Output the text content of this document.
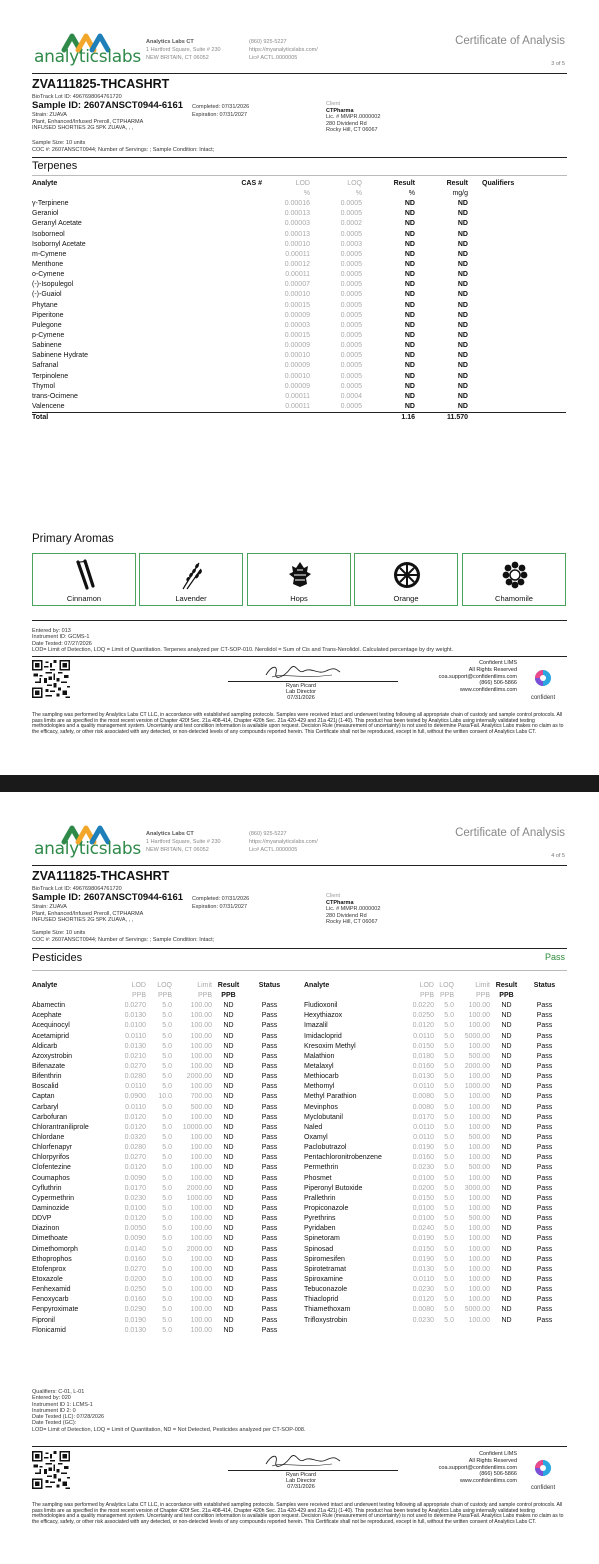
analyticslabs
Analytics Labs CT
1 Hartford Square, Suite # 230
NEW BRITAIN, CT 06052
(860) 925-5227
https://myanalyticslabs.com/
Lic# ACTL.0000005
Certificate of Analysis
3 of 5
ZVA111825-THCASHRT
BioTrack Lot ID: 4967698064761720
Sample ID: 2607ANSCT0944-6161
Strain: ZUAVA
Plant, Enhanced/Infused Preroll, CTPHARMA
INFUSED SHORTIES 2G 5PK ZUAVA, , ,
Completed: 07/31/2026
Expiration: 07/31/2027
Client
CTPharma
Lic. # MMPR.0000002
280 Dividend Rd
Rocky Hill, CT 06067
Sample Size: 10 units
COC #: 2607ANSCT0944; Number of Servings: ; Sample Condition: Intact;
Terpenes
Analyte	CAS #	LOD	LOQ	Result	Result	Qualifiers
		%	%	%	mg/g	
γ-Terpinene		0.00016	0.0005	ND	ND	
Geraniol		0.00013	0.0005	ND	ND	
Geranyl Acetate		0.00003	0.0002	ND	ND	
Isoborneol		0.00013	0.0005	ND	ND	
Isobornyl Acetate		0.00010	0.0003	ND	ND	
m-Cymene		0.00011	0.0005	ND	ND	
Menthone		0.00012	0.0005	ND	ND	
o-Cymene		0.00011	0.0005	ND	ND	
(-)-Isopulegol		0.00007	0.0005	ND	ND	
(-)-Guaiol		0.00010	0.0005	ND	ND	
Phytane		0.00015	0.0005	ND	ND	
Piperitone		0.00009	0.0005	ND	ND	
Pulegone		0.00003	0.0005	ND	ND	
p-Cymene		0.00015	0.0005	ND	ND	
Sabinene		0.00009	0.0005	ND	ND	
Sabinene Hydrate		0.00010	0.0005	ND	ND	
Safranal		0.00009	0.0005	ND	ND	
Terpinolene		0.00010	0.0005	ND	ND	
Thymol		0.00009	0.0005	ND	ND	
trans-Ocimene		0.00011	0.0004	ND	ND	
Valencene		0.00011	0.0005	ND	ND	
Total				1.16	11.570	
Primary Aromas
Cinnamon	Lavender	Hops	Orange	Chamomile
Entered by: 013
Instrument ID: GCMS-1
Date Tested: 07/27/2026
LOD= Limit of Detection, LOQ = Limit of Quantitation. Terpenes analyzed per CT-SOP-010. Nerolidol = Sum of Cis and Trans-Nerolidol. Calculated percentage by dry weight.
Ryan Picard
Lab Director
07/31/2026
Confident LIMS
All Rights Reserved
coa.support@confidentlims.com
(866) 506-5866
www.confidentlims.com
confident
The sampling was performed by Analytics Labs CT LLC, in accordance with established sampling protocols. Samples were received intact and underwent testing following all appropriate chain of custody and sample control protocols. All pass limits are as specified in the most recent version of Chapter 420f Sec. 21a 408-414, Chapter 420h Sec. 21a 420-429 and 21a 421j (1-40). This product has been tested by Analytics Labs using internally validated testing methodologies and a quality management system. Uncertainty and test condition information is available upon request. Decision Rule (measurement of uncertainty) is not used to determine Pass/Fail. Analytics Labs makes no claim as to the efficacy, safety, or other risk associated with any detected, or non-detected levels of any compounds reported herein. This Certificate shall not be reproduced, except in full, without the written consent of Analytics Labs CT.
analyticslabs
Analytics Labs CT
1 Hartford Square, Suite # 230
NEW BRITAIN, CT 06052
(860) 925-5227
https://myanalyticslabs.com/
Lic# ACTL.0000005
Certificate of Analysis
4 of 5
ZVA111825-THCASHRT
BioTrack Lot ID: 4967698064761720
Sample ID: 2607ANSCT0944-6161
Strain: ZUAVA
Plant, Enhanced/Infused Preroll, CTPHARMA
INFUSED SHORTIES 2G 5PK ZUAVA, , ,
Completed: 07/31/2026
Expiration: 07/31/2027
Client
CTPharma
Lic. # MMPR.0000002
280 Dividend Rd
Rocky Hill, CT 06067
Sample Size: 10 units
COC #: 2607ANSCT0944; Number of Servings: ; Sample Condition: Intact;
Pesticides	Pass
Analyte	LOD	LOQ	Limit	Result	Status
	PPB	PPB	PPB	PPB	
Abamectin	0.0270	5.0	100.00	ND	Pass
Acephate	0.0130	5.0	100.00	ND	Pass
Acequinocyl	0.0100	5.0	100.00	ND	Pass
Acetamiprid	0.0110	5.0	100.00	ND	Pass
Aldicarb	0.0130	5.0	100.00	ND	Pass
Azoxystrobin	0.0210	5.0	100.00	ND	Pass
Bifenazate	0.0270	5.0	100.00	ND	Pass
Bifenthrin	0.0280	5.0	2000.00	ND	Pass
Boscalid	0.0110	5.0	100.00	ND	Pass
Captan	0.0900	10.0	700.00	ND	Pass
Carbaryl	0.0110	5.0	500.00	ND	Pass
Carbofuran	0.0120	5.0	100.00	ND	Pass
Chlorantraniliprole	0.0120	5.0	10000.00	ND	Pass
Chlordane	0.0320	5.0	100.00	ND	Pass
Chlorfenapyr	0.0280	5.0	100.00	ND	Pass
Chlorpyrifos	0.0270	5.0	100.00	ND	Pass
Clofentezine	0.0120	5.0	100.00	ND	Pass
Coumaphos	0.0090	5.0	100.00	ND	Pass
Cyfluthrin	0.0170	5.0	2000.00	ND	Pass
Cypermethrin	0.0230	5.0	1000.00	ND	Pass
Daminozide	0.0100	5.0	100.00	ND	Pass
DDVP	0.0120	5.0	100.00	ND	Pass
Diazinon	0.0050	5.0	100.00	ND	Pass
Dimethoate	0.0090	5.0	100.00	ND	Pass
Dimethomorph	0.0140	5.0	2000.00	ND	Pass
Ethoprophos	0.0160	5.0	100.00	ND	Pass
Etofenprox	0.0270	5.0	100.00	ND	Pass
Etoxazole	0.0200	5.0	100.00	ND	Pass
Fenhexamid	0.0250	5.0	100.00	ND	Pass
Fenoxycarb	0.0160	5.0	100.00	ND	Pass
Fenpyroximate	0.0290	5.0	100.00	ND	Pass
Fipronil	0.0190	5.0	100.00	ND	Pass
Flonicamid	0.0130	5.0	100.00	ND	Pass
Analyte	LOD	LOQ	Limit	Result	Status
	PPB	PPB	PPB	PPB	
Fludioxonil	0.0220	5.0	100.00	ND	Pass
Hexythiazox	0.0250	5.0	100.00	ND	Pass
Imazalil	0.0120	5.0	100.00	ND	Pass
Imidacloprid	0.0110	5.0	5000.00	ND	Pass
Kresoxim Methyl	0.0150	5.0	100.00	ND	Pass
Malathion	0.0180	5.0	500.00	ND	Pass
Metalaxyl	0.0160	5.0	2000.00	ND	Pass
Methiocarb	0.0130	5.0	100.00	ND	Pass
Methomyl	0.0110	5.0	1000.00	ND	Pass
Methyl Parathion	0.0080	5.0	100.00	ND	Pass
Mevinphos	0.0080	5.0	100.00	ND	Pass
Myclobutanil	0.0170	5.0	100.00	ND	Pass
Naled	0.0110	5.0	100.00	ND	Pass
Oxamyl	0.0110	5.0	500.00	ND	Pass
Paclobutrazol	0.0190	5.0	100.00	ND	Pass
Pentachloronitrobenzene	0.0160	5.0	100.00	ND	Pass
Permethrin	0.0230	5.0	500.00	ND	Pass
Phosmet	0.0100	5.0	100.00	ND	Pass
Piperonyl Butoxide	0.0200	5.0	3000.00	ND	Pass
Prallethrin	0.0150	5.0	100.00	ND	Pass
Propiconazole	0.0100	5.0	100.00	ND	Pass
Pyrethrins	0.0100	5.0	500.00	ND	Pass
Pyridaben	0.0240	5.0	100.00	ND	Pass
Spinetoram	0.0190	5.0	100.00	ND	Pass
Spinosad	0.0150	5.0	100.00	ND	Pass
Spiromesifen	0.0190	5.0	100.00	ND	Pass
Spirotetramat	0.0130	5.0	100.00	ND	Pass
Spiroxamine	0.0110	5.0	100.00	ND	Pass
Tebuconazole	0.0230	5.0	100.00	ND	Pass
Thiacloprid	0.0120	5.0	100.00	ND	Pass
Thiamethoxam	0.0080	5.0	5000.00	ND	Pass
Trifloxystrobin	0.0230	5.0	100.00	ND	Pass
Qualifiers: C-01, L-01
Entered by: 020
Instrument ID 1: LCMS-1
Instrument ID 2: 0
Date Tested (LC): 07/28/2026
Date Tested (GC):
LOD= Limit of Detection, LOQ = Limit of Quantitation, ND = Not Detected, Pesticides analyzed per CT-SOP-008.
Ryan Picard
Lab Director
07/31/2026
Confident LIMS
All Rights Reserved
coa.support@confidentlims.com
(866) 506-5866
www.confidentlims.com
confident
The sampling was performed by Analytics Labs CT LLC, in accordance with established sampling protocols. Samples were received intact and underwent testing following all appropriate chain of custody and sample control protocols. All pass limits are as specified in the most recent version of Chapter 420f Sec. 21a 408-414, Chapter 420h Sec. 21a 420-429 and 21a 421j (1-40). This product has been tested by Analytics Labs using internally validated testing methodologies and a quality management system. Uncertainty and test condition information is available upon request. Decision Rule (measurement of uncertainty) is not used to determine Pass/Fail. Analytics Labs makes no claim as to the efficacy, safety, or other risk associated with any detected, or non-detected levels of any compounds reported herein. This Certificate shall not be reproduced, except in full, without the written consent of Analytics Labs CT.
